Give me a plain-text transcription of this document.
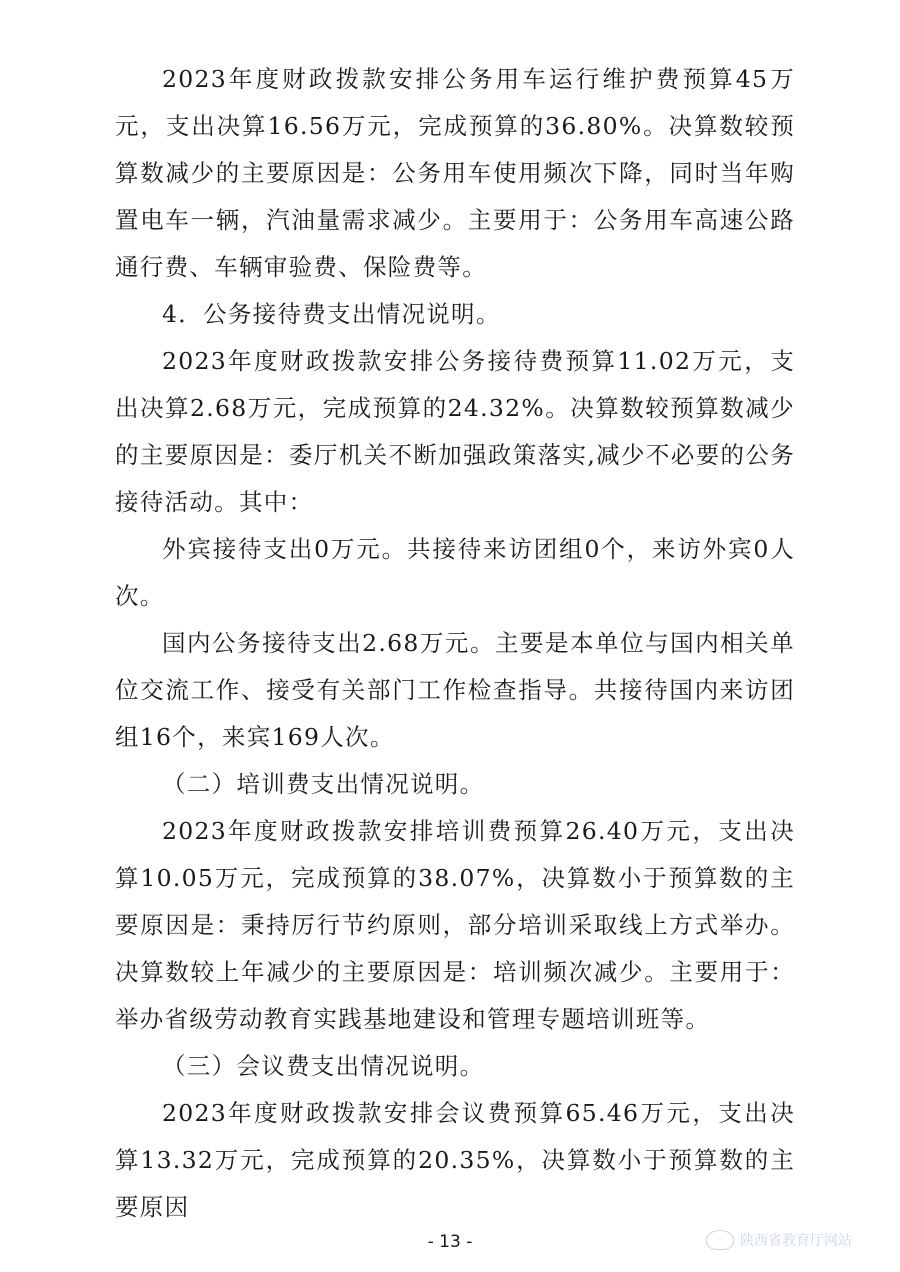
2023年度财政拨款安排公务用车运行维护费预算45万元，支出决算16.56万元，完成预算的36.80%。决算数较预算数减少的主要原因是：公务用车使用频次下降，同时当年购置电车一辆，汽油量需求减少。主要用于：公务用车高速公路通行费、车辆审验费、保险费等。

4．公务接待费支出情况说明。

2023年度财政拨款安排公务接待费预算11.02万元，支出决算2.68万元，完成预算的24.32%。决算数较预算数减少的主要原因是：委厅机关不断加强政策落实,减少不必要的公务接待活动。其中：

外宾接待支出0万元。共接待来访团组0个，来访外宾0人次。

国内公务接待支出2.68万元。主要是本单位与国内相关单位交流工作、接受有关部门工作检查指导。共接待国内来访团组16个，来宾169人次。

（二）培训费支出情况说明。

2023年度财政拨款安排培训费预算26.40万元，支出决算10.05万元，完成预算的38.07%，决算数小于预算数的主要原因是：秉持厉行节约原则，部分培训采取线上方式举办。决算数较上年减少的主要原因是：培训频次减少。主要用于：举办省级劳动教育实践基地建设和管理专题培训班等。

（三）会议费支出情况说明。

2023年度财政拨款安排会议费预算65.46万元，支出决算13.32万元，完成预算的20.35%，决算数小于预算数的主要原因

- 13 -	陕西省教育厅网站
